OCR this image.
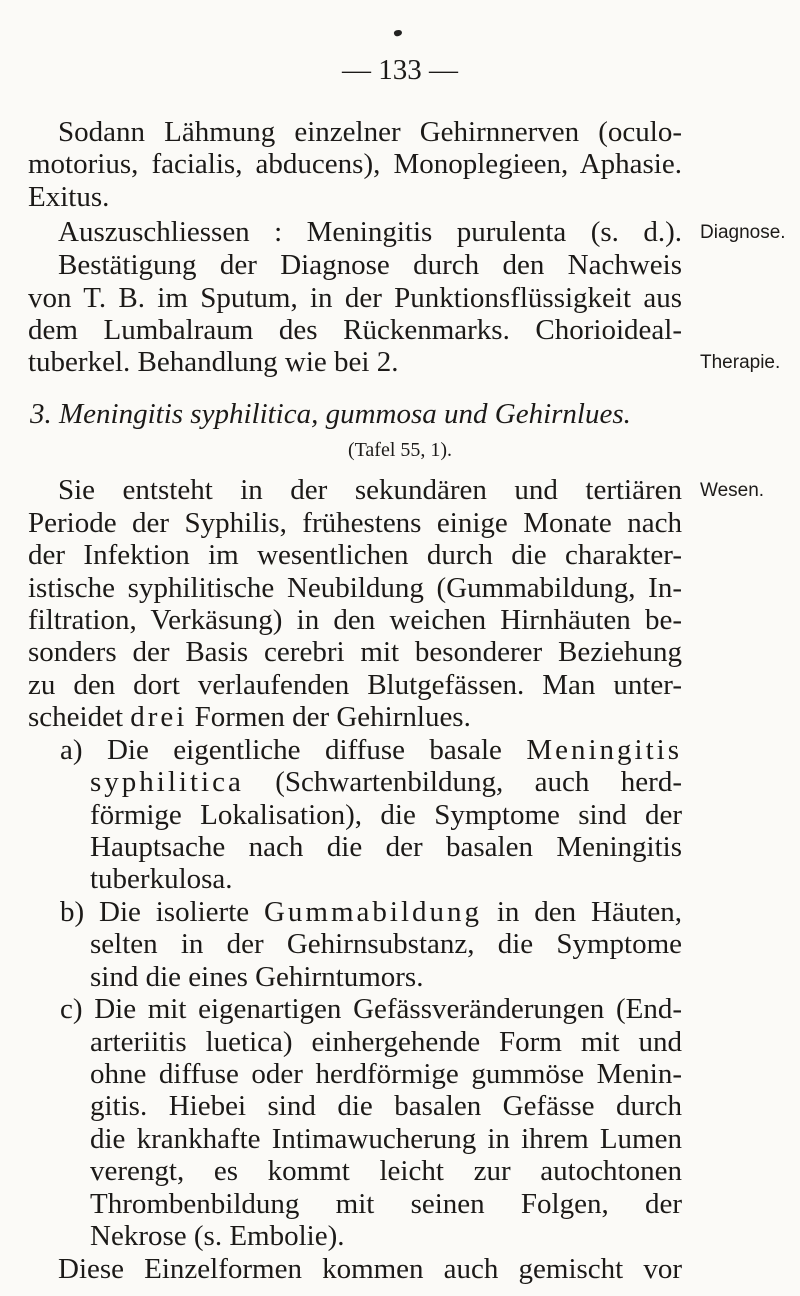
— 133 —
Sodann Lähmung einzelner Gehirnnerven (oculo-
motorius, facialis, abducens), Monoplegieen, Aphasie.
Exitus.
Auszuschliessen : Meningitis purulenta (s. d.). Diagnose.
Bestätigung der Diagnose durch den Nachweis
von T. B. im Sputum, in der Punktionsflüssigkeit aus
dem Lumbalraum des Rückenmarks. Chorioideal-
tuberkel. Behandlung wie bei 2.	Therapie.
3. Meningitis syphilitica, gummosa und Gehirnlues.
(Tafel 55, 1).
Sie entsteht in der sekundären und tertiären Wesen.
Periode der Syphilis, frühestens einige Monate nach
der Infektion im wesentlichen durch die charakter-
istische syphilitische Neubildung (Gummabildung, In-
filtration, Verkäsung) in den weichen Hirnhäuten be-
sonders der Basis cerebri mit besonderer Beziehung
zu den dort verlaufenden Blutgefässen. Man unter-
scheidet drei Formen der Gehirnlues.
a) Die eigentliche diffuse basale Meningitis
syphilitica (Schwartenbildung, auch herd-
förmige Lokalisation), die Symptome sind der
Hauptsache nach die der basalen Meningitis
tuberkulosa.
b) Die isolierte Gummabildung in den Häuten,
selten in der Gehirnsubstanz, die Symptome
sind die eines Gehirntumors.
c) Die mit eigenartigen Gefässveränderungen (End-
arteriitis luetica) einhergehende Form mit und
ohne diffuse oder herdförmige gummöse Menin-
gitis. Hiebei sind die basalen Gefässe durch
die krankhafte Intimawucherung in ihrem Lumen
verengt, es kommt leicht zur autochtonen
Thrombenbildung mit seinen Folgen, der
Nekrose (s. Embolie).
Diese Einzelformen kommen auch gemischt vor
